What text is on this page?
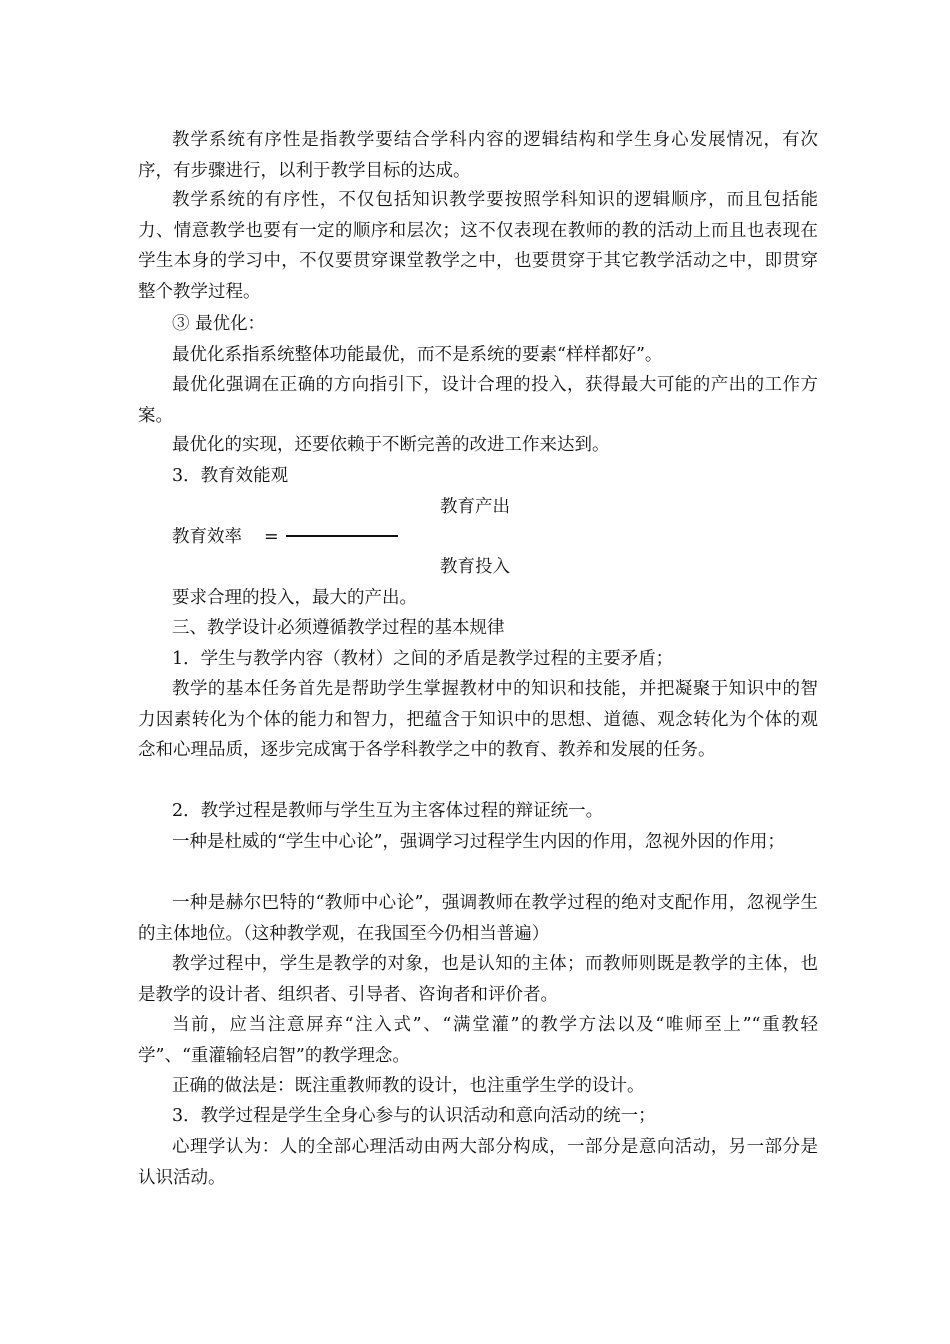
教学系统有序性是指教学要结合学科内容的逻辑结构和学生身心发展情况，有次序，有步骤进行，以利于教学目标的达成。

教学系统的有序性，不仅包括知识教学要按照学科知识的逻辑顺序，而且包括能力、情意教学也要有一定的顺序和层次；这不仅表现在教师的教的活动上而且也表现在学生本身的学习中，不仅要贯穿课堂教学之中，也要贯穿于其它教学活动之中，即贯穿整个教学过程。

③ 最优化：

最优化系指系统整体功能最优，而不是系统的要素“样样都好”。

最优化强调在正确的方向指引下，设计合理的投入，获得最大可能的产出的工作方案。

最优化的实现，还要依赖于不断完善的改进工作来达到。

3．教育效能观

教育产出
教育效率 =
教育投入

要求合理的投入，最大的产出。

三、教学设计必须遵循教学过程的基本规律

1．学生与教学内容（教材）之间的矛盾是教学过程的主要矛盾；

教学的基本任务首先是帮助学生掌握教材中的知识和技能，并把凝聚于知识中的智力因素转化为个体的能力和智力，把蕴含于知识中的思想、道德、观念转化为个体的观念和心理品质，逐步完成寓于各学科教学之中的教育、教养和发展的任务。

2．教学过程是教师与学生互为主客体过程的辩证统一。

一种是杜威的“学生中心论”，强调学习过程学生内因的作用，忽视外因的作用；

一种是赫尔巴特的“教师中心论”，强调教师在教学过程的绝对支配作用，忽视学生的主体地位。（这种教学观，在我国至今仍相当普遍）

教学过程中，学生是教学的对象，也是认知的主体；而教师则既是教学的主体，也是教学的设计者、组织者、引导者、咨询者和评价者。

当前，应当注意屏弃“注入式”、“满堂灌”的教学方法以及“唯师至上”“重教轻学”、“重灌输轻启智”的教学理念。

正确的做法是：既注重教师教的设计，也注重学生学的设计。

3．教学过程是学生全身心参与的认识活动和意向活动的统一；

心理学认为：人的全部心理活动由两大部分构成，一部分是意向活动，另一部分是认识活动。
